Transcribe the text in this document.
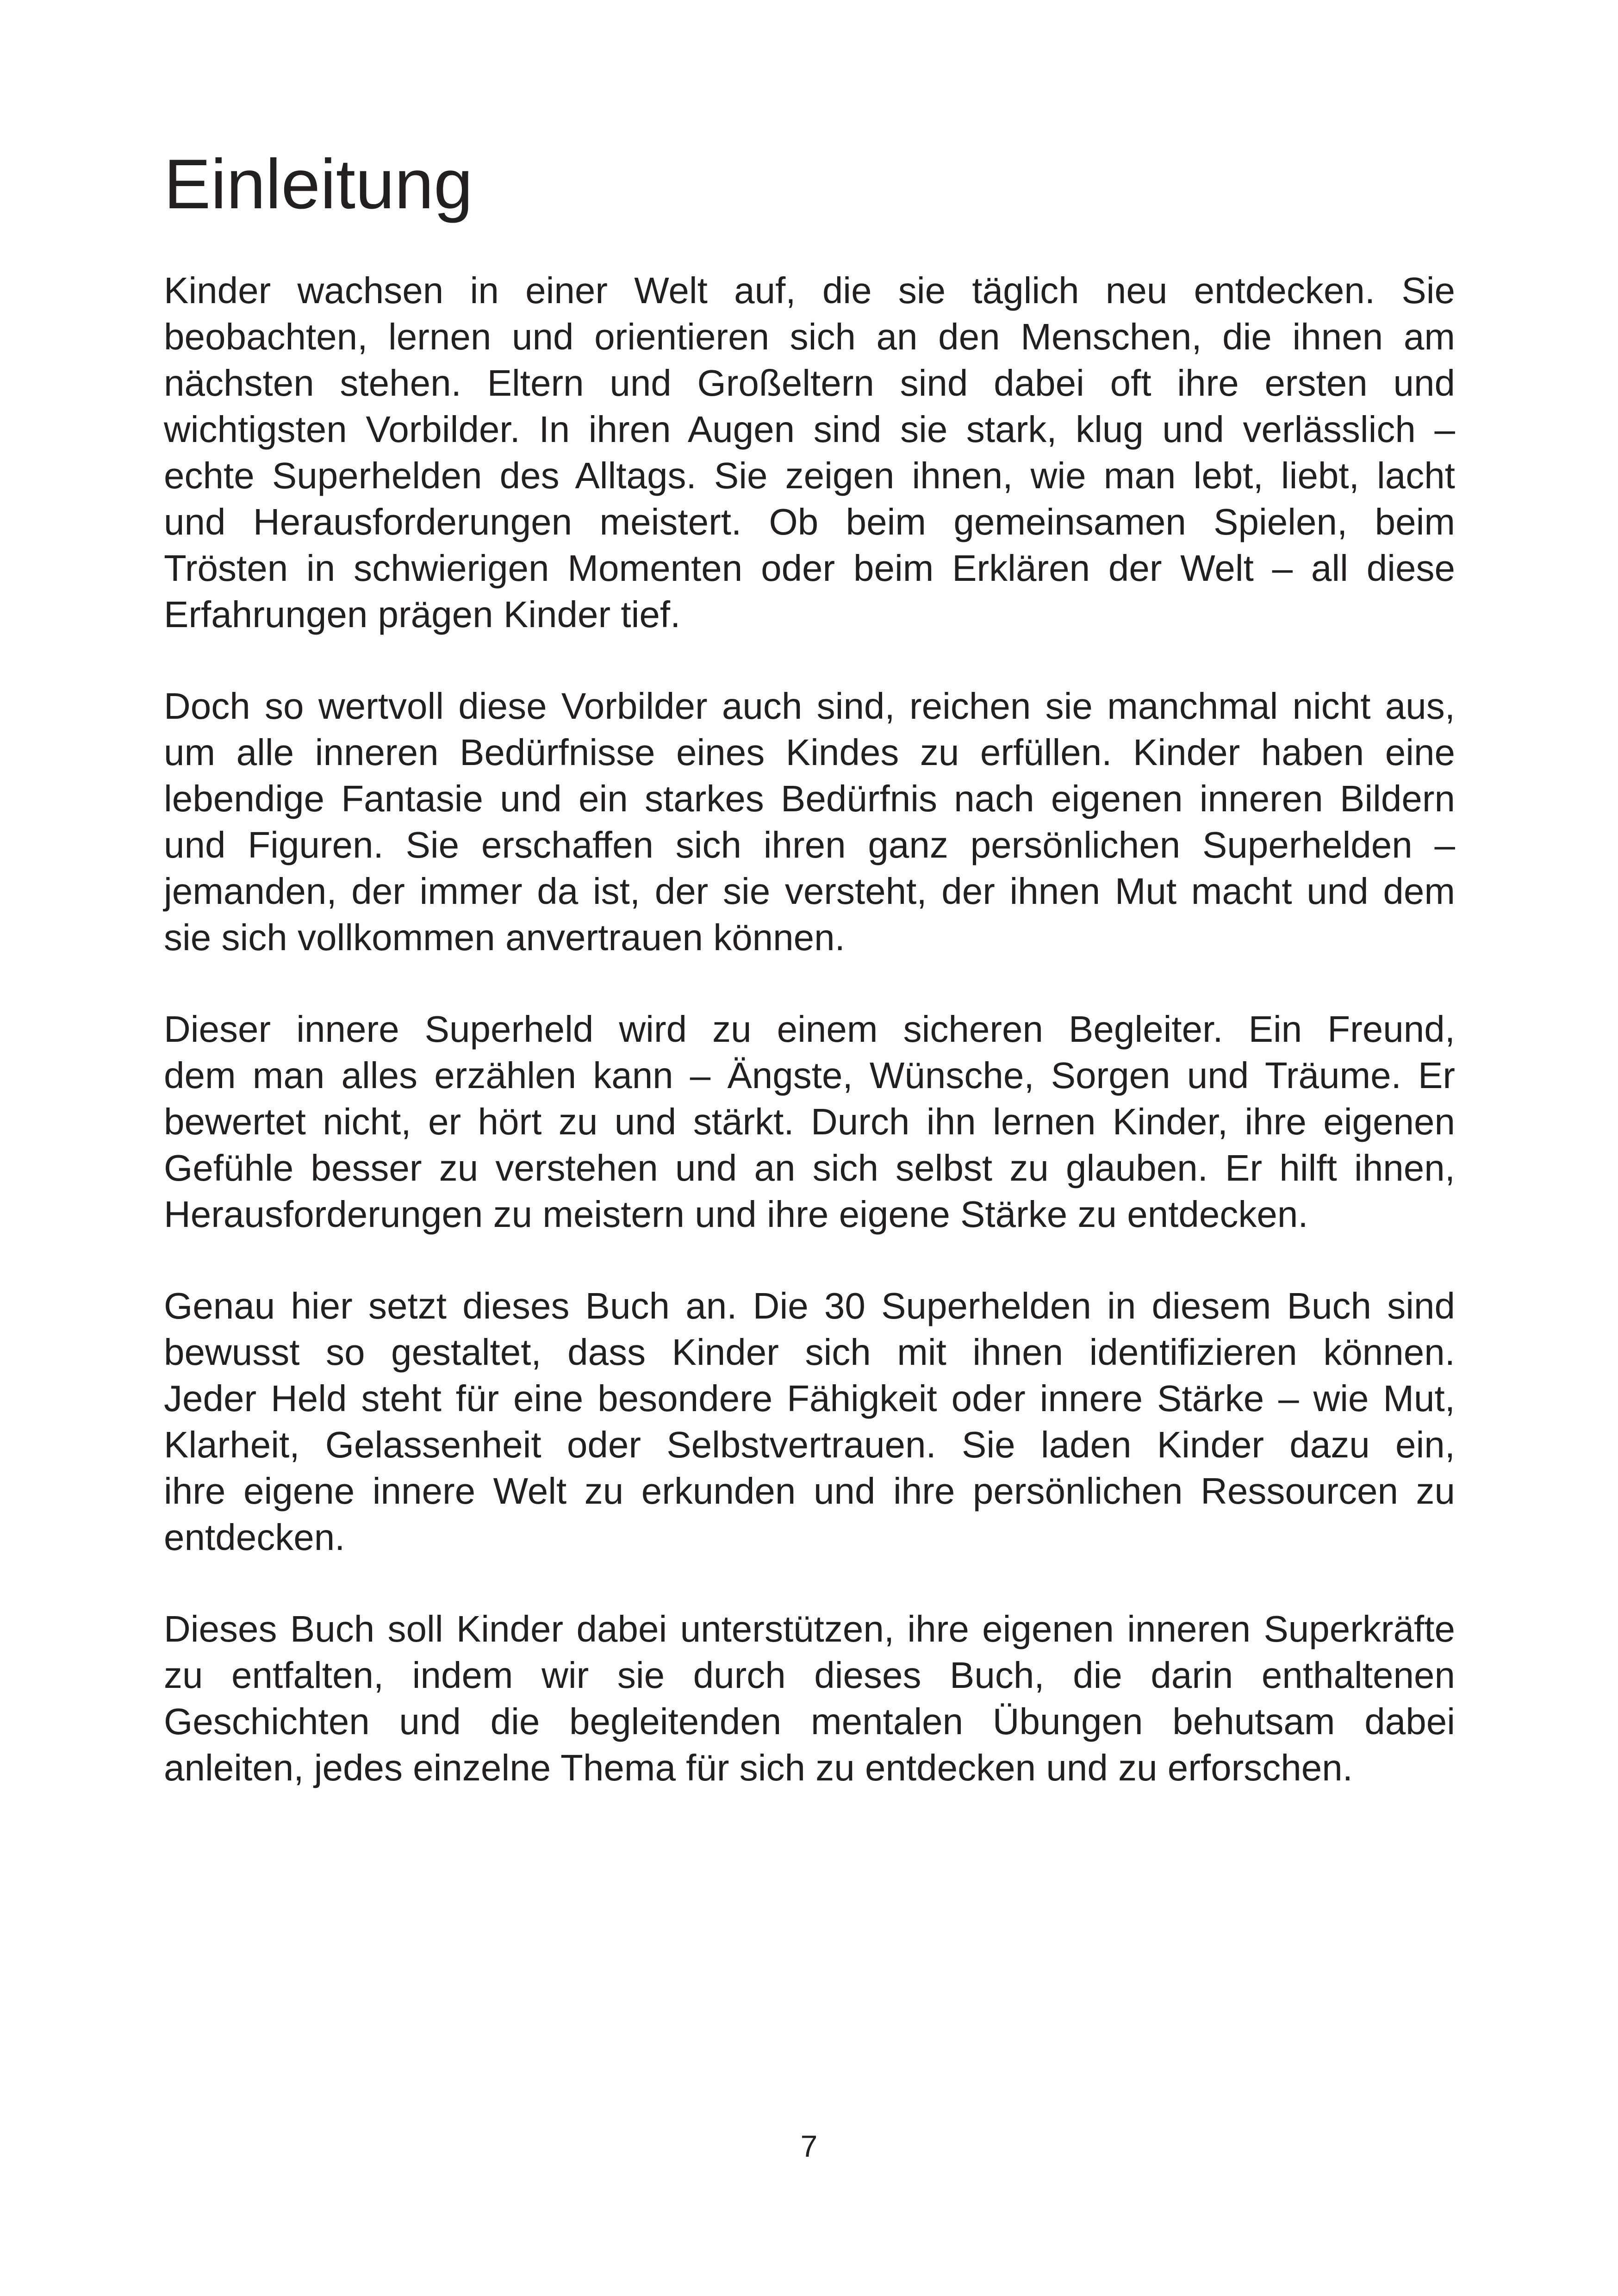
Einleitung

Kinder wachsen in einer Welt auf, die sie täglich neu entdecken. Sie
beobachten, lernen und orientieren sich an den Menschen, die ihnen am
nächsten stehen. Eltern und Großeltern sind dabei oft ihre ersten und
wichtigsten Vorbilder. In ihren Augen sind sie stark, klug und verlässlich –
echte Superhelden des Alltags. Sie zeigen ihnen, wie man lebt, liebt, lacht
und Herausforderungen meistert. Ob beim gemeinsamen Spielen, beim
Trösten in schwierigen Momenten oder beim Erklären der Welt – all diese
Erfahrungen prägen Kinder tief.

Doch so wertvoll diese Vorbilder auch sind, reichen sie manchmal nicht aus,
um alle inneren Bedürfnisse eines Kindes zu erfüllen. Kinder haben eine
lebendige Fantasie und ein starkes Bedürfnis nach eigenen inneren Bildern
und Figuren. Sie erschaffen sich ihren ganz persönlichen Superhelden –
jemanden, der immer da ist, der sie versteht, der ihnen Mut macht und dem
sie sich vollkommen anvertrauen können.

Dieser innere Superheld wird zu einem sicheren Begleiter. Ein Freund,
dem man alles erzählen kann – Ängste, Wünsche, Sorgen und Träume. Er
bewertet nicht, er hört zu und stärkt. Durch ihn lernen Kinder, ihre eigenen
Gefühle besser zu verstehen und an sich selbst zu glauben. Er hilft ihnen,
Herausforderungen zu meistern und ihre eigene Stärke zu entdecken.

Genau hier setzt dieses Buch an. Die 30 Superhelden in diesem Buch sind
bewusst so gestaltet, dass Kinder sich mit ihnen identifizieren können.
Jeder Held steht für eine besondere Fähigkeit oder innere Stärke – wie Mut,
Klarheit, Gelassenheit oder Selbstvertrauen. Sie laden Kinder dazu ein,
ihre eigene innere Welt zu erkunden und ihre persönlichen Ressourcen zu
entdecken.

Dieses Buch soll Kinder dabei unterstützen, ihre eigenen inneren Superkräfte
zu entfalten, indem wir sie durch dieses Buch, die darin enthaltenen
Geschichten und die begleitenden mentalen Übungen behutsam dabei
anleiten, jedes einzelne Thema für sich zu entdecken und zu erforschen.

7
